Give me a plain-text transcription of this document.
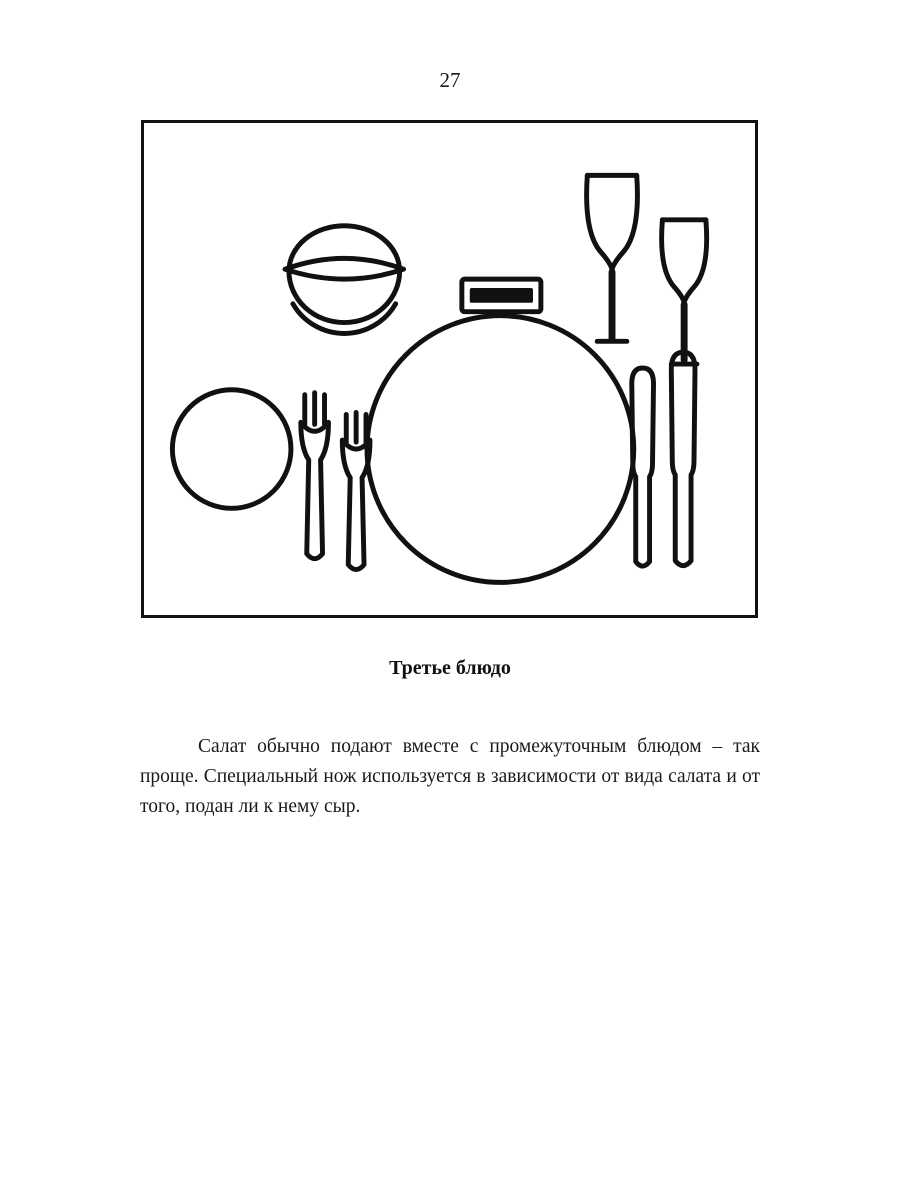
27
Третье блюдо

Салат обычно подают вместе с промежуточным блюдом – так проще. Специальный нож используется в зависимости от вида салата и от того, подан ли к нему сыр.
